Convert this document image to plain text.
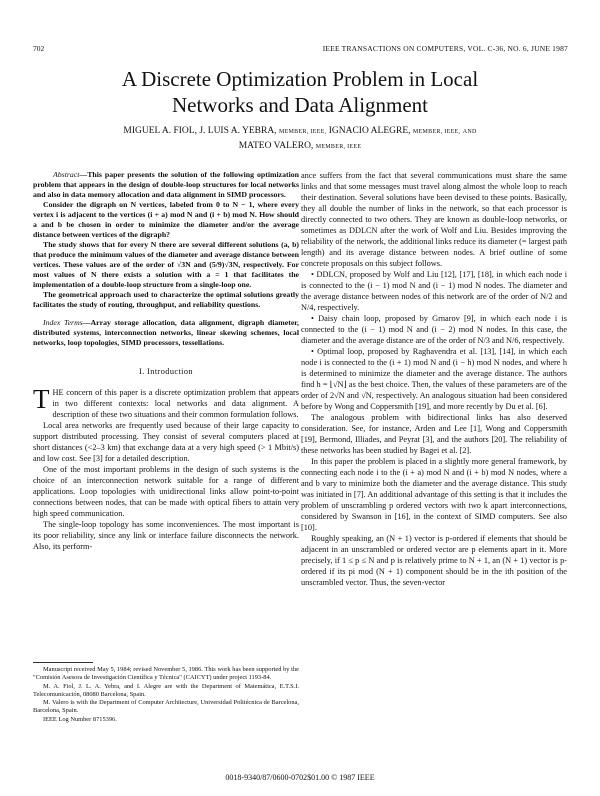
702	IEEE TRANSACTIONS ON COMPUTERS, VOL. C-36, NO. 6, JUNE 1987
A Discrete Optimization Problem in Local
Networks and Data Alignment
MIGUEL A. FIOL, J. LUIS A. YEBRA, MEMBER, IEEE, IGNACIO ALEGRE, MEMBER, IEEE, AND
MATEO VALERO, MEMBER, IEEE

Abstract—This paper presents the solution of the following optimization problem that appears in the design of double-loop structures for local networks and also in data memory allocation and data alignment in SIMD processors.

Consider the digraph on N vertices, labeled from 0 to N − 1, where every vertex i is adjacent to the vertices (i + a) mod N and (i + b) mod N. How should a and b be chosen in order to minimize the diameter and/or the average distance between vertices of the digraph?

The study shows that for every N there are several different solutions (a, b) that produce the minimum values of the diameter and average distance between vertices. These values are of the order of √3N and (5/9)√3N, respectively. For most values of N there exists a solution with a = 1 that facilitates the implementation of a double-loop structure from a single-loop one.

The geometrical approach used to characterize the optimal solutions greatly facilitates the study of routing, throughput, and reliability questions.

Index Terms—Array storage allocation, data alignment, digraph diameter, distributed systems, interconnection networks, linear skewing schemes, local networks, loop topologies, SIMD processors, tessellations.

I. Introduction

THE concern of this paper is a discrete optimization problem that appears in two different contexts: local networks and data alignment. A description of these two situations and their common formulation follows.

Local area networks are frequently used because of their large capacity to support distributed processing. They consist of several computers placed at short distances (<2–3 km) that exchange data at a very high speed (> 1 Mbit/s) and low cost. See [3] for a detailed description.

One of the most important problems in the design of such systems is the choice of an interconnection network suitable for a range of different applications. Loop topologies with unidirectional links allow point-to-point connections between nodes, that can be made with optical fibers to attain very high speed communication.

The single-loop topology has some inconveniences. The most important is its poor reliability, since any link or interface failure disconnects the network. Also, its perform-

Manuscript received May 5, 1984; revised November 5, 1986. This work has been supported by the "Comisión Asesora de Investigación Científica y Técnica" (CAICYT) under project 1193-84.

M. A. Fiol, J. L. A. Yebra, and I. Alegre are with the Department of Matemática, E.T.S.I. Telecomunicación, 08080 Barcelona, Spain.

M. Valero is with the Department of Computer Architecture, Universidad Politécnica de Barcelona, Barcelona, Spain.

IEEE Log Number 8715396.

ance suffers from the fact that several communications must share the same links and that some messages must travel along almost the whole loop to reach their destination. Several solutions have been devised to these points. Basically, they all double the number of links in the network, so that each processor is directly connected to two others. They are known as double-loop networks, or sometimes as DDLCN after the work of Wolf and Liu. Besides improving the reliability of the network, the additional links reduce its diameter (= largest path length) and its average distance between nodes. A brief outline of some concrete proposals on this subject follows.

• DDLCN, proposed by Wolf and Liu [12], [17], [18], in which each node i is connected to the (i − 1) mod N and (i − 1) mod N nodes. The diameter and the average distance between nodes of this network are of the order of N/2 and N/4, respectively.

• Daisy chain loop, proposed by Grnarov [9], in which each node i is connected to the (i − 1) mod N and (i − 2) mod N nodes. In this case, the diameter and the average distance are of the order of N/3 and N/6, respectively.

• Optimal loop, proposed by Raghavendra et al. [13], [14], in which each node i is connected to the (i + 1) mod N and (i − h) mod N nodes, and where h is determined to minimize the diameter and the average distance. The authors find h = ⌊√N⌋ as the best choice. Then, the values of these parameters are of the order of 2√N and √N, respectively. An analogous situation had been considered before by Wong and Coppersmith [19], and more recently by Du et al. [6].

The analogous problem with bidirectional links has also deserved consideration. See, for instance, Arden and Lee [1], Wong and Coppersmith [19], Bermond, Illiades, and Peyrat [3], and the authors [20]. The reliability of these networks has been studied by Bagei et al. [2].

In this paper the problem is placed in a slightly more general framework, by connecting each node i to the (i + a) mod N and (i + b) mod N nodes, where a and b vary to minimize both the diameter and the average distance. This study was initiated in [7]. An additional advantage of this setting is that it includes the problem of unscrambling p ordered vectors with two k apart interconnections, considered by Swanson in [16], in the context of SIMD computers. See also [10].

Roughly speaking, an (N + 1) vector is p-ordered if elements that should be adjacent in an unscrambled or ordered vector are p elements apart in it. More precisely, if 1 ≤ p ≤ N and p is relatively prime to N + 1, an (N + 1) vector is p-ordered if its pi mod (N + 1) component should be in the ith position of the unscrambled vector. Thus, the seven-vector

0018-9340/87/0600-0702$01.00 © 1987 IEEE
